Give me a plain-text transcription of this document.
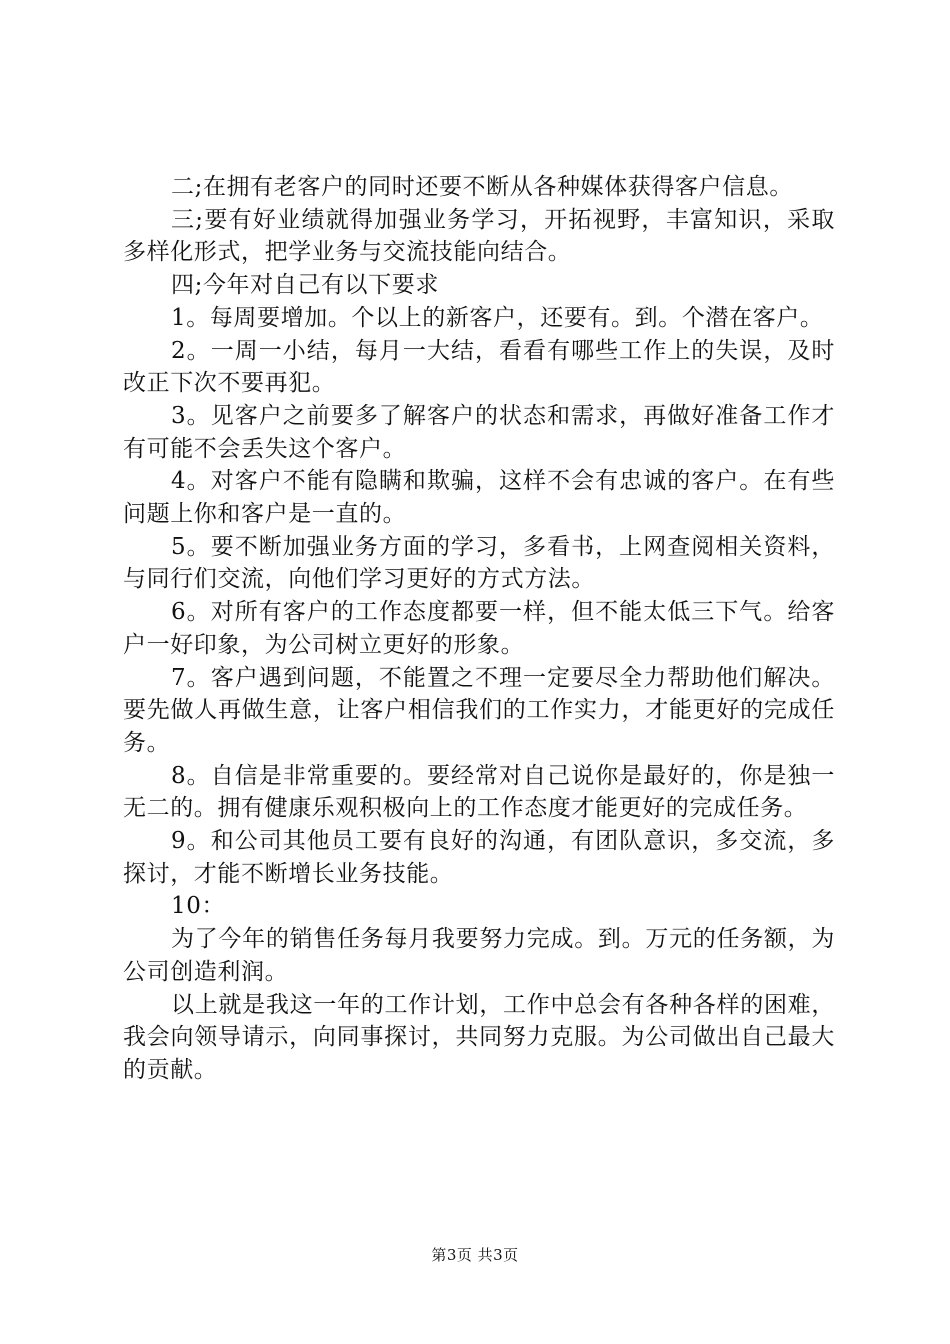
二;在拥有老客户的同时还要不断从各种媒体获得客户信息。

三;要有好业绩就得加强业务学习，开拓视野，丰富知识，采取多样化形式，把学业务与交流技能向结合。

四;今年对自己有以下要求

1。每周要增加。个以上的新客户，还要有。到。个潜在客户。

2。一周一小结，每月一大结，看看有哪些工作上的失误，及时改正下次不要再犯。

3。见客户之前要多了解客户的状态和需求，再做好准备工作才有可能不会丢失这个客户。

4。对客户不能有隐瞒和欺骗，这样不会有忠诚的客户。在有些问题上你和客户是一直的。

5。要不断加强业务方面的学习，多看书，上网查阅相关资料，与同行们交流，向他们学习更好的方式方法。

6。对所有客户的工作态度都要一样，但不能太低三下气。给客户一好印象，为公司树立更好的形象。

7。客户遇到问题，不能置之不理一定要尽全力帮助他们解决。要先做人再做生意，让客户相信我们的工作实力，才能更好的完成任务。

8。自信是非常重要的。要经常对自己说你是最好的，你是独一无二的。拥有健康乐观积极向上的工作态度才能更好的完成任务。

9。和公司其他员工要有良好的沟通，有团队意识，多交流，多探讨，才能不断增长业务技能。

10：

为了今年的销售任务每月我要努力完成。到。万元的任务额，为公司创造利润。

以上就是我这一年的工作计划，工作中总会有各种各样的困难，我会向领导请示，向同事探讨，共同努力克服。为公司做出自己最大的贡献。

第3页 共3页
